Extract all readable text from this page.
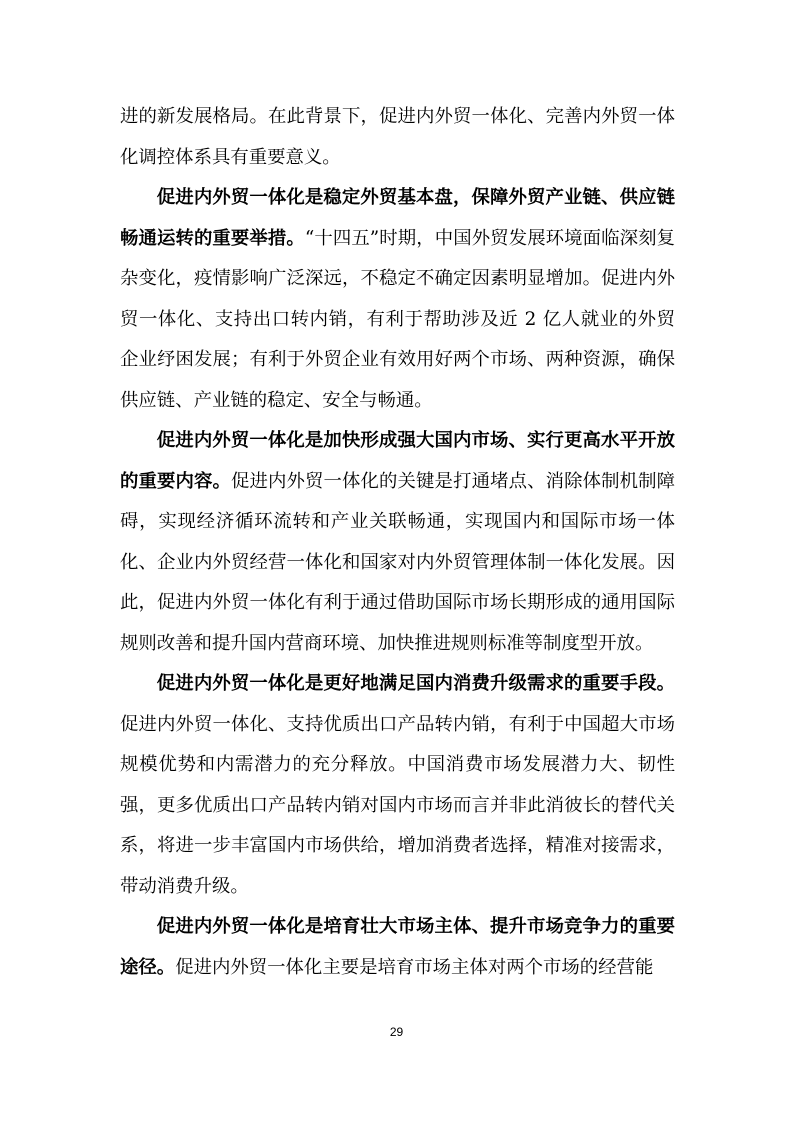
进的新发展格局。在此背景下，促进内外贸一体化、完善内外贸一体化调控体系具有重要意义。

促进内外贸一体化是稳定外贸基本盘，保障外贸产业链、供应链畅通运转的重要举措。“十四五”时期，中国外贸发展环境面临深刻复杂变化，疫情影响广泛深远，不稳定不确定因素明显增加。促进内外贸一体化、支持出口转内销，有利于帮助涉及近 2 亿人就业的外贸企业纾困发展；有利于外贸企业有效用好两个市场、两种资源，确保供应链、产业链的稳定、安全与畅通。

促进内外贸一体化是加快形成强大国内市场、实行更高水平开放的重要内容。促进内外贸一体化的关键是打通堵点、消除体制机制障碍，实现经济循环流转和产业关联畅通，实现国内和国际市场一体化、企业内外贸经营一体化和国家对内外贸管理体制一体化发展。因此，促进内外贸一体化有利于通过借助国际市场长期形成的通用国际规则改善和提升国内营商环境、加快推进规则标准等制度型开放。

促进内外贸一体化是更好地满足国内消费升级需求的重要手段。促进内外贸一体化、支持优质出口产品转内销，有利于中国超大市场规模优势和内需潜力的充分释放。中国消费市场发展潜力大、韧性强，更多优质出口产品转内销对国内市场而言并非此消彼长的替代关系，将进一步丰富国内市场供给，增加消费者选择，精准对接需求，带动消费升级。

促进内外贸一体化是培育壮大市场主体、提升市场竞争力的重要途径。促进内外贸一体化主要是培育市场主体对两个市场的经营能

29
